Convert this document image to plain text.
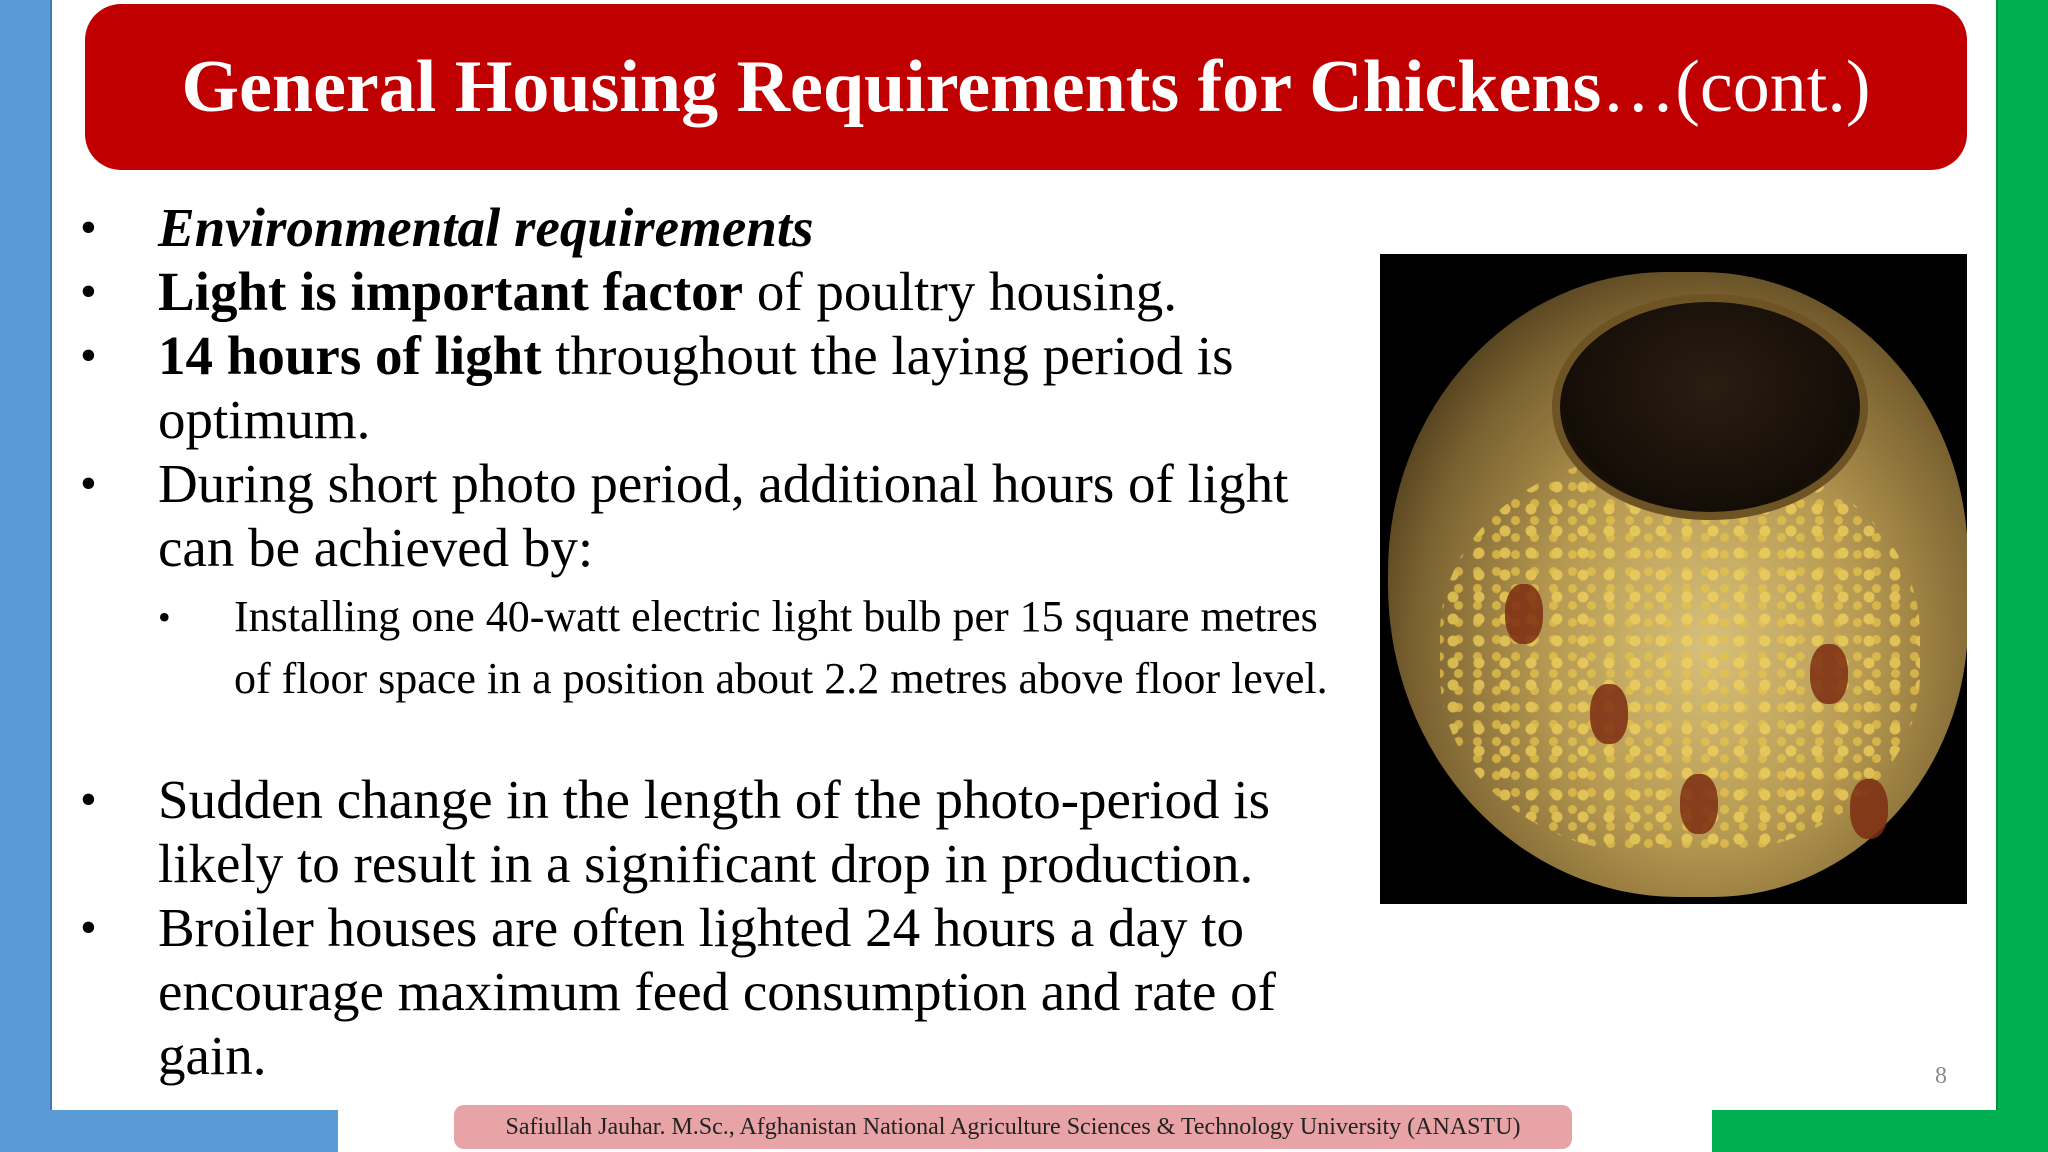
General Housing Requirements for Chickens…(cont.)
• Environmental requirements
• Light is important factor of poultry housing.
• 14 hours of light throughout the laying period is optimum.
• During short photo period, additional hours of light can be achieved by:
• Installing one 40-watt electric light bulb per 15 square metres of floor space in a position about 2.2 metres above floor level.
• Sudden change in the length of the photo-period is likely to result in a significant drop in production.
• Broiler houses are often lighted 24 hours a day to encourage maximum feed consumption and rate of gain.	8
Safiullah Jauhar. M.Sc., Afghanistan National Agriculture Sciences & Technology University (ANASTU)
